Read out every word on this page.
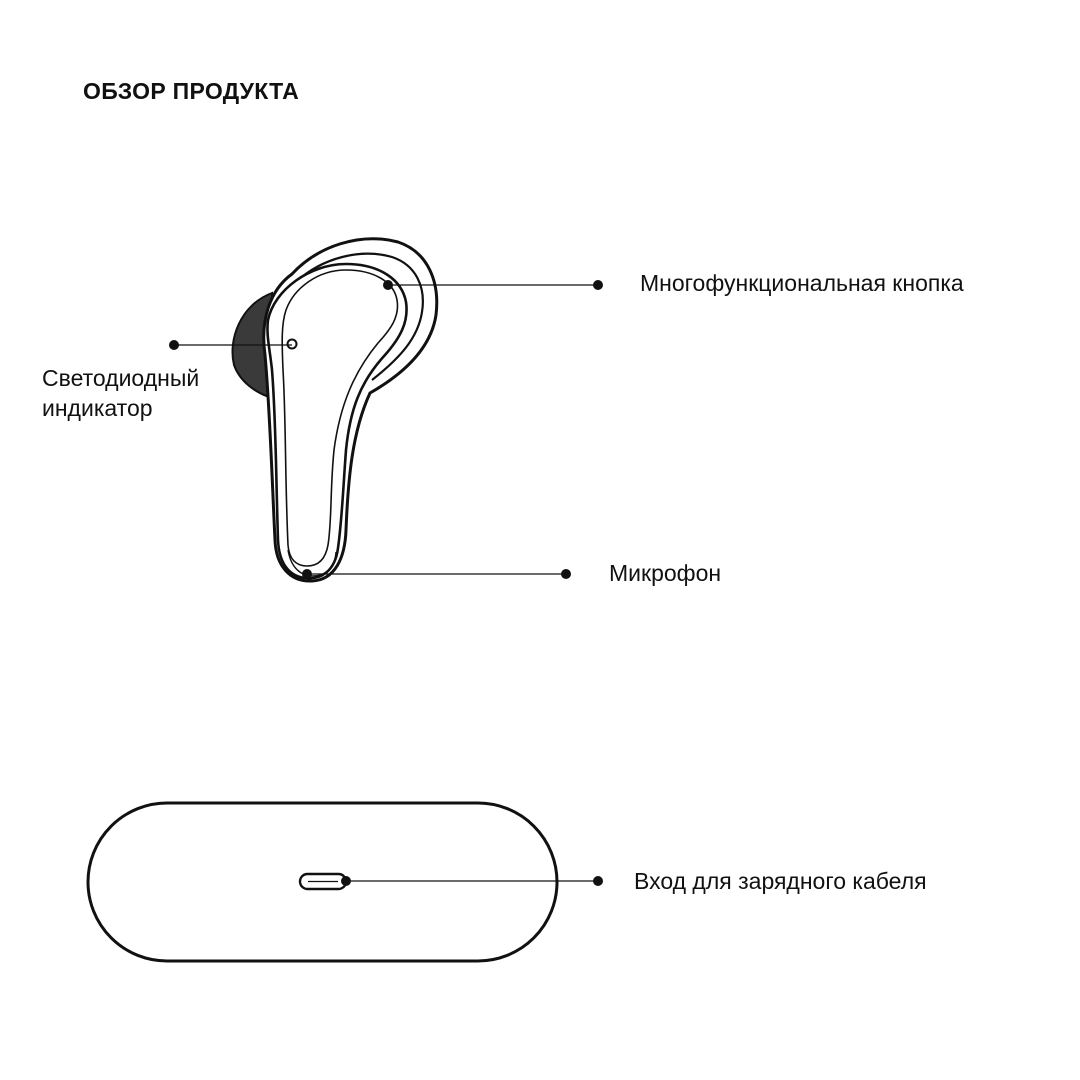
ОБЗОР ПРОДУКТА

Многофункциональная кнопка

Светодиодный
индикатор

Микрофон

Вход для зарядного кабеля
